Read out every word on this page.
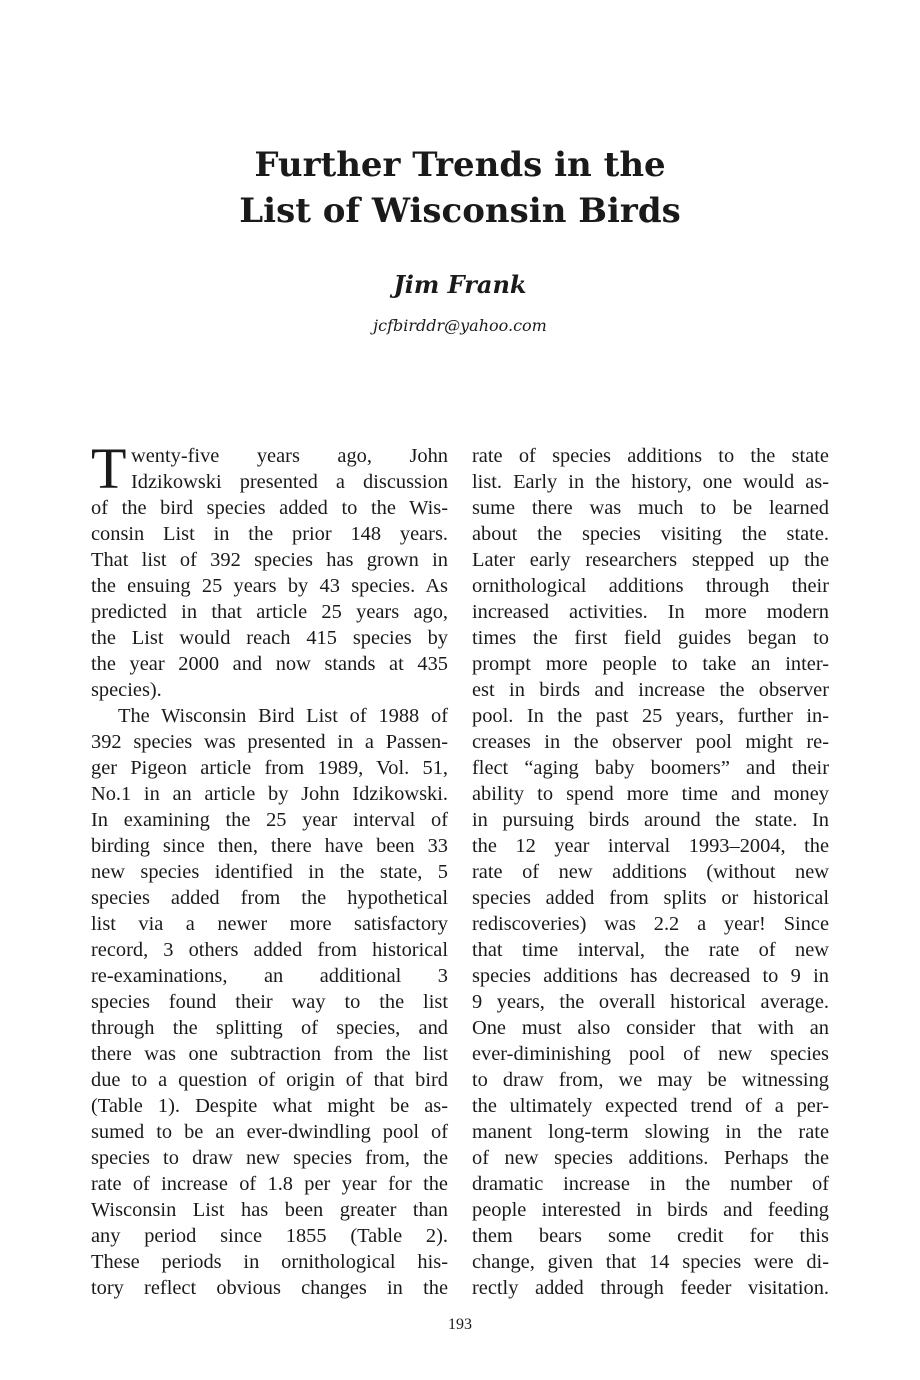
Further Trends in the
List of Wisconsin Birds
Jim Frank
jcfbirddr@yahoo.com
T wenty-five years ago, John
Idzikowski presented a discussion
of the bird species added to the Wis-
consin List in the prior 148 years.
That list of 392 species has grown in
the ensuing 25 years by 43 species. As
predicted in that article 25 years ago,
the List would reach 415 species by
the year 2000 and now stands at 435
species).
The Wisconsin Bird List of 1988 of
392 species was presented in a Passen-
ger Pigeon article from 1989, Vol. 51,
No.1 in an article by John Idzikowski.
In examining the 25 year interval of
birding since then, there have been 33
new species identified in the state, 5
species added from the hypothetical
list via a newer more satisfactory
record, 3 others added from historical
re-examinations, an additional 3
species found their way to the list
through the splitting of species, and
there was one subtraction from the list
due to a question of origin of that bird
(Table 1). Despite what might be as-
sumed to be an ever-dwindling pool of
species to draw new species from, the
rate of increase of 1.8 per year for the
Wisconsin List has been greater than
any period since 1855 (Table 2).
These periods in ornithological his-
tory reflect obvious changes in the
rate of species additions to the state
list. Early in the history, one would as-
sume there was much to be learned
about the species visiting the state.
Later early researchers stepped up the
ornithological additions through their
increased activities. In more modern
times the first field guides began to
prompt more people to take an inter-
est in birds and increase the observer
pool. In the past 25 years, further in-
creases in the observer pool might re-
flect “aging baby boomers” and their
ability to spend more time and money
in pursuing birds around the state. In
the 12 year interval 1993–2004, the
rate of new additions (without new
species added from splits or historical
rediscoveries) was 2.2 a year! Since
that time interval, the rate of new
species additions has decreased to 9 in
9 years, the overall historical average.
One must also consider that with an
ever-diminishing pool of new species
to draw from, we may be witnessing
the ultimately expected trend of a per-
manent long-term slowing in the rate
of new species additions. Perhaps the
dramatic increase in the number of
people interested in birds and feeding
them bears some credit for this
change, given that 14 species were di-
rectly added through feeder visitation.
193
